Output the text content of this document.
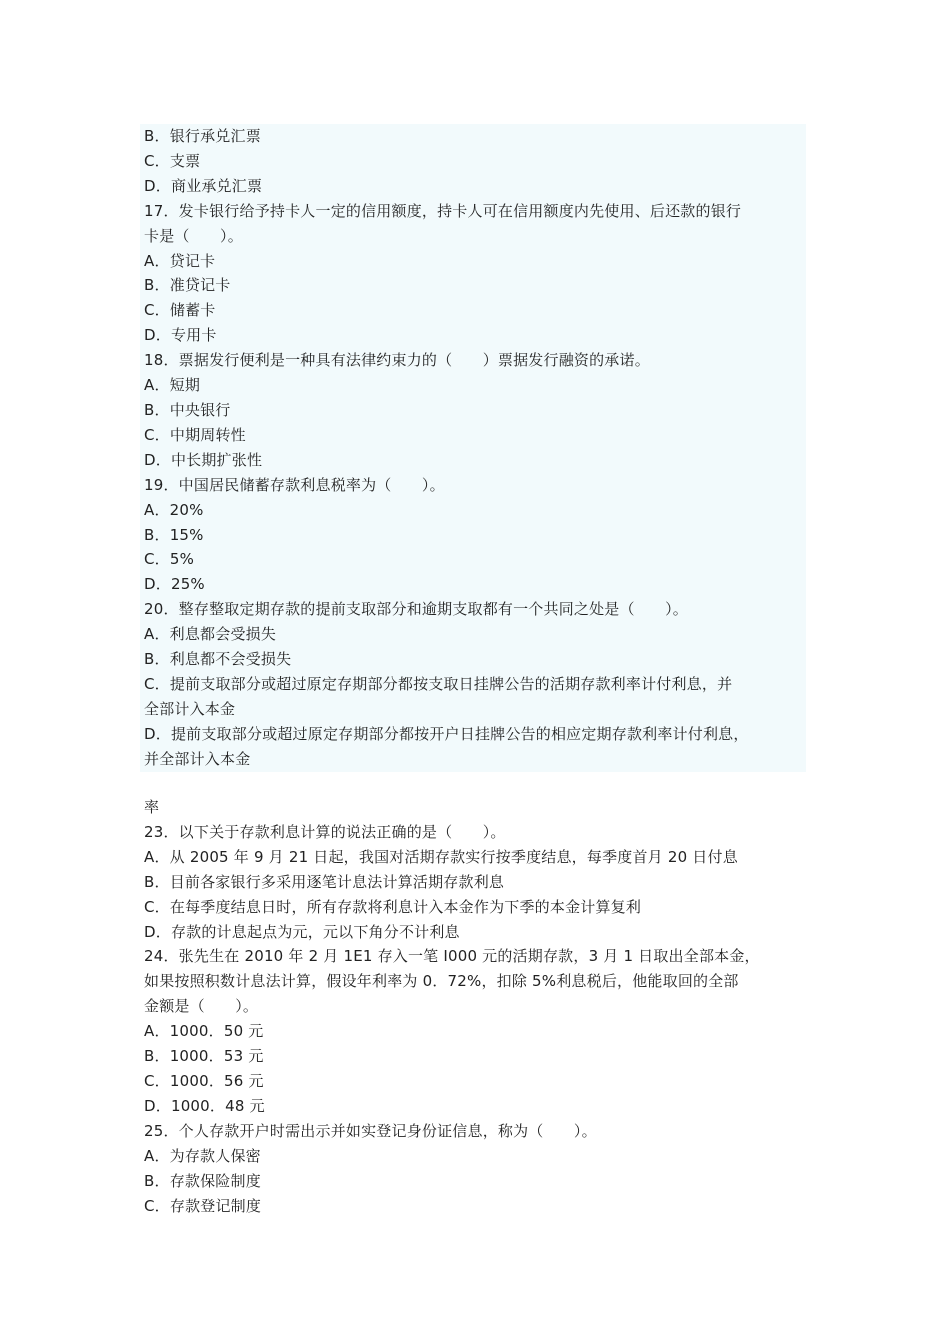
B．银行承兑汇票
C．支票
D．商业承兑汇票
17．发卡银行给予持卡人一定的信用额度，持卡人可在信用额度内先使用、后还款的银行
卡是（　　）。
A．贷记卡
B．准贷记卡
C．储蓄卡
D．专用卡
18．票据发行便利是一种具有法律约束力的（　　）票据发行融资的承诺。
A．短期
B．中央银行
C．中期周转性
D．中长期扩张性
19．中国居民储蓄存款利息税率为（　　）。
A．20%
B．15%
C．5%
D．25%
20．整存整取定期存款的提前支取部分和逾期支取都有一个共同之处是（　　）。
A．利息都会受损失
B．利息都不会受损失
C．提前支取部分或超过原定存期部分都按支取日挂牌公告的活期存款利率计付利息，并
全部计入本金
D．提前支取部分或超过原定存期部分都按开户日挂牌公告的相应定期存款利率计付利息，
并全部计入本金
率
23．以下关于存款利息计算的说法正确的是（　　）。
A．从 2005 年 9 月 21 日起，我国对活期存款实行按季度结息，每季度首月 20 日付息
B．目前各家银行多采用逐笔计息法计算活期存款利息
C．在每季度结息日时，所有存款将利息计入本金作为下季的本金计算复利
D．存款的计息起点为元，元以下角分不计利息
24．张先生在 2010 年 2 月 1E1 存入一笔 I000 元的活期存款，3 月 1 日取出全部本金，
如果按照积数计息法计算，假设年利率为 0．72%，扣除 5%利息税后，他能取回的全部
金额是（　　）。
A．1000．50 元
B．1000．53 元
C．1000．56 元
D．1000．48 元
25．个人存款开户时需出示并如实登记身份证信息，称为（　　）。
A．为存款人保密
B．存款保险制度
C．存款登记制度
